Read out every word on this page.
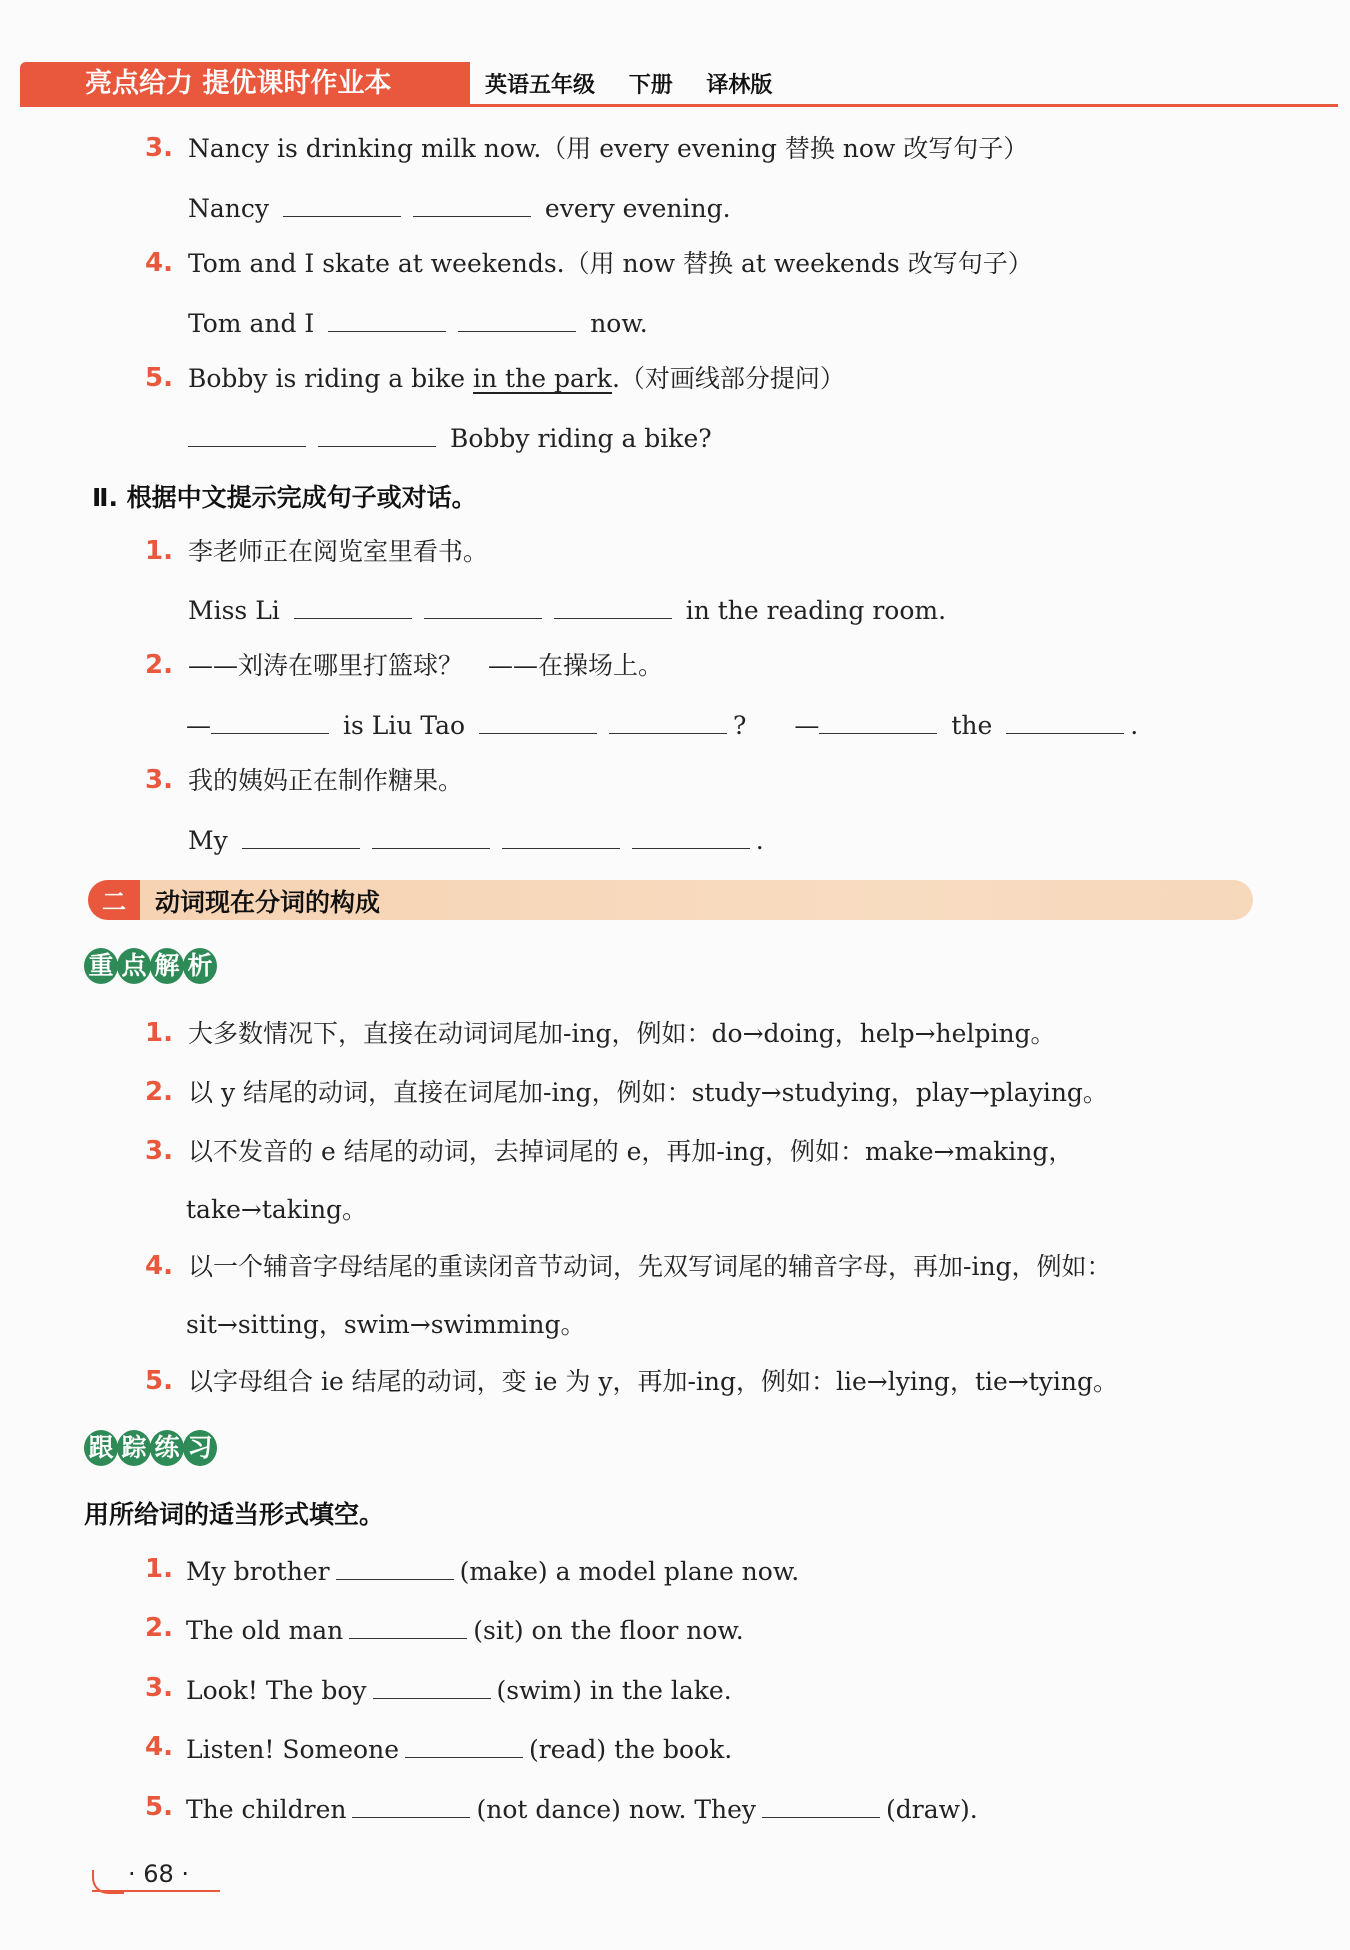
亮点给力 提优课时作业本	英语五年级 下册 译林版
3. Nancy is drinking milk now.（用 every evening 替换 now 改写句子）
Nancy	every evening.
4. Tom and I skate at weekends.（用 now 替换 at weekends 改写句子）
Tom and I	now.
5. Bobby is riding a bike in the park.（对画线部分提问）
Bobby riding a bike?
Ⅱ. 根据中文提示完成句子或对话。
1. 李老师正在阅览室里看书。
Miss Li	in the reading room.
2. ——刘涛在哪里打篮球？　——在操场上。
—	is Liu Tao	? —	the	.
3. 我的姨妈正在制作糖果。
My	.
二	动词现在分词的构成
重 点 解 析
1. 大多数情况下，直接在动词词尾加-ing，例如：do→doing，help→helping。
2. 以 y 结尾的动词，直接在词尾加-ing，例如：study→studying，play→playing。
3. 以不发音的 e 结尾的动词，去掉词尾的 e，再加-ing，例如：make→making，
take→taking。
4. 以一个辅音字母结尾的重读闭音节动词，先双写词尾的辅音字母，再加-ing，例如：
sit→sitting，swim→swimming。
5. 以字母组合 ie 结尾的动词，变 ie 为 y，再加-ing，例如：lie→lying，tie→tying。
跟 踪 练 习
用所给词的适当形式填空。
1. My brother	(make) a model plane now.
2. The old man	(sit) on the floor now.
3. Look! The boy	(swim) in the lake.
4. Listen! Someone	(read) the book.
5. The children	(not dance) now. They	(draw).
· 68 ·
